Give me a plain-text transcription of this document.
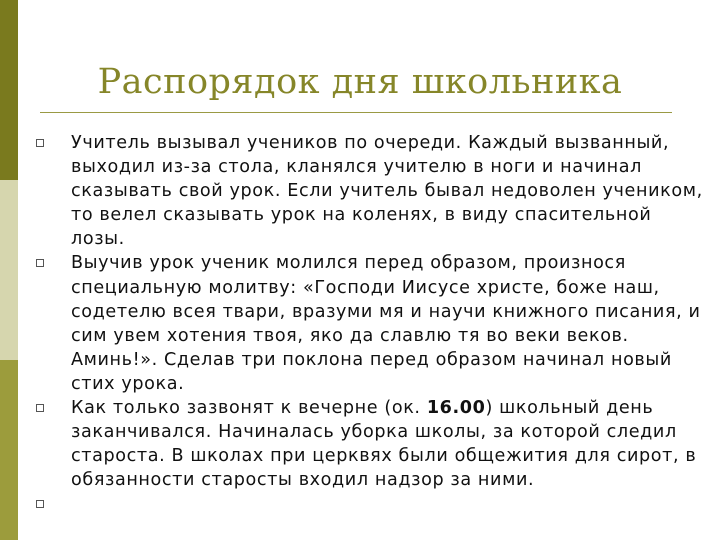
Распорядок дня школьника
Учитель вызывал учеников по очереди. Каждый вызванный, выходил из-за стола, кланялся учителю в ноги и начинал сказывать свой урок. Если учитель бывал недоволен учеником, то велел сказывать урок на коленях, в виду спасительной лозы.
Выучив урок ученик молился перед образом, произнося специальную молитву: «Господи Иисусе христе, боже наш, содетелю всея твари, вразуми мя и научи книжного писания, и сим увем хотения твоя, яко да славлю тя во веки веков. Аминь!». Сделав три поклона перед образом начинал новый стих урока.
Как только зазвонят к вечерне (ок. 16.00) школьный день заканчивался. Начиналась уборка школы, за которой следил староста. В школах при церквях были общежития для сирот, в обязанности старосты входил надзор за ними.
